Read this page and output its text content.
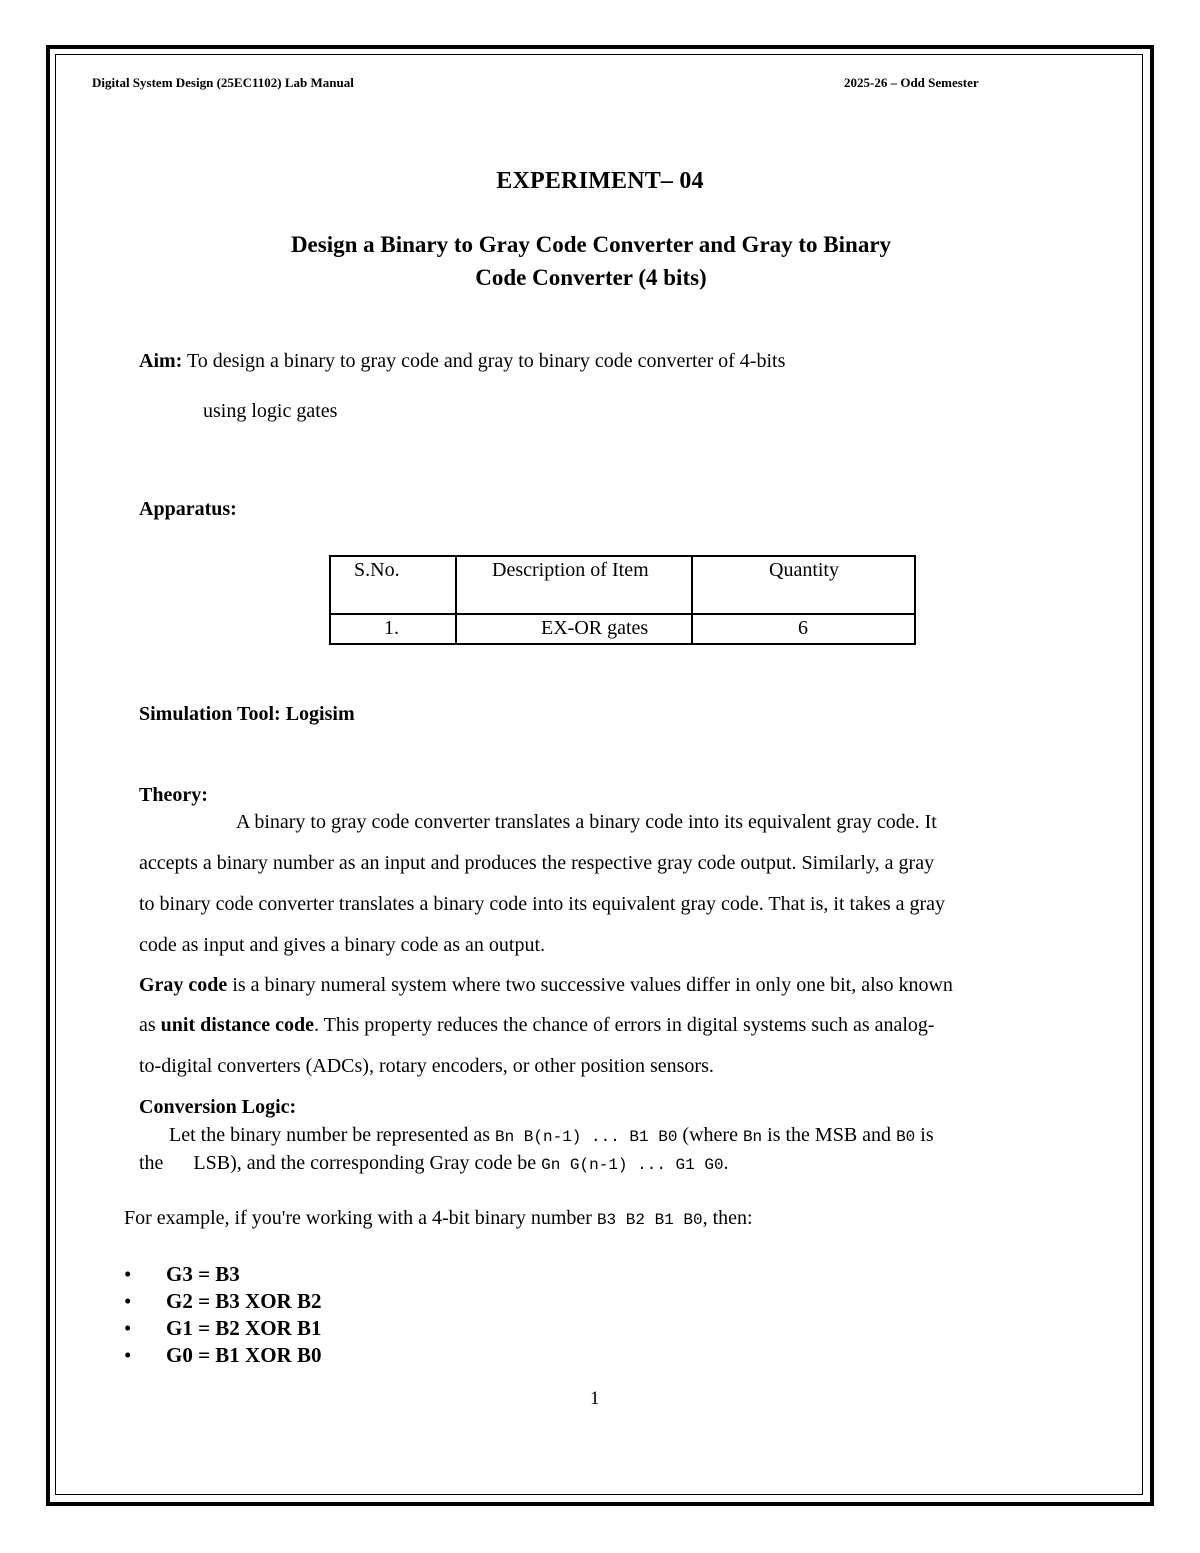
Digital System Design (25EC1102) Lab Manual	2025-26 – Odd Semester
EXPERIMENT– 04
Design a Binary to Gray Code Converter and Gray to Binary
Code Converter (4 bits)
Aim: To design a binary to gray code and gray to binary code converter of 4-bits
using logic gates
Apparatus:
S.No.	Description of Item	Quantity

1.	EX-OR gates	6
Simulation Tool: Logisim
Theory:
A binary to gray code converter translates a binary code into its equivalent gray code. It
accepts a binary number as an input and produces the respective gray code output. Similarly, a gray
to binary code converter translates a binary code into its equivalent gray code. That is, it takes a gray
code as input and gives a binary code as an output.
Gray code is a binary numeral system where two successive values differ in only one bit, also known
as unit distance code. This property reduces the chance of errors in digital systems such as analog-
to-digital converters (ADCs), rotary encoders, or other position sensors.
Conversion Logic:
Let the binary number be represented as Bn B(n-1) ... B1 B0 (where Bn is the MSB and B0 is
the      LSB), and the corresponding Gray code be Gn G(n-1) ... G1 G0.
For example, if you're working with a 4-bit binary number B3 B2 B1 B0, then:
• G3 = B3
• G2 = B3 XOR B2
• G1 = B2 XOR B1
• G0 = B1 XOR B0
1
